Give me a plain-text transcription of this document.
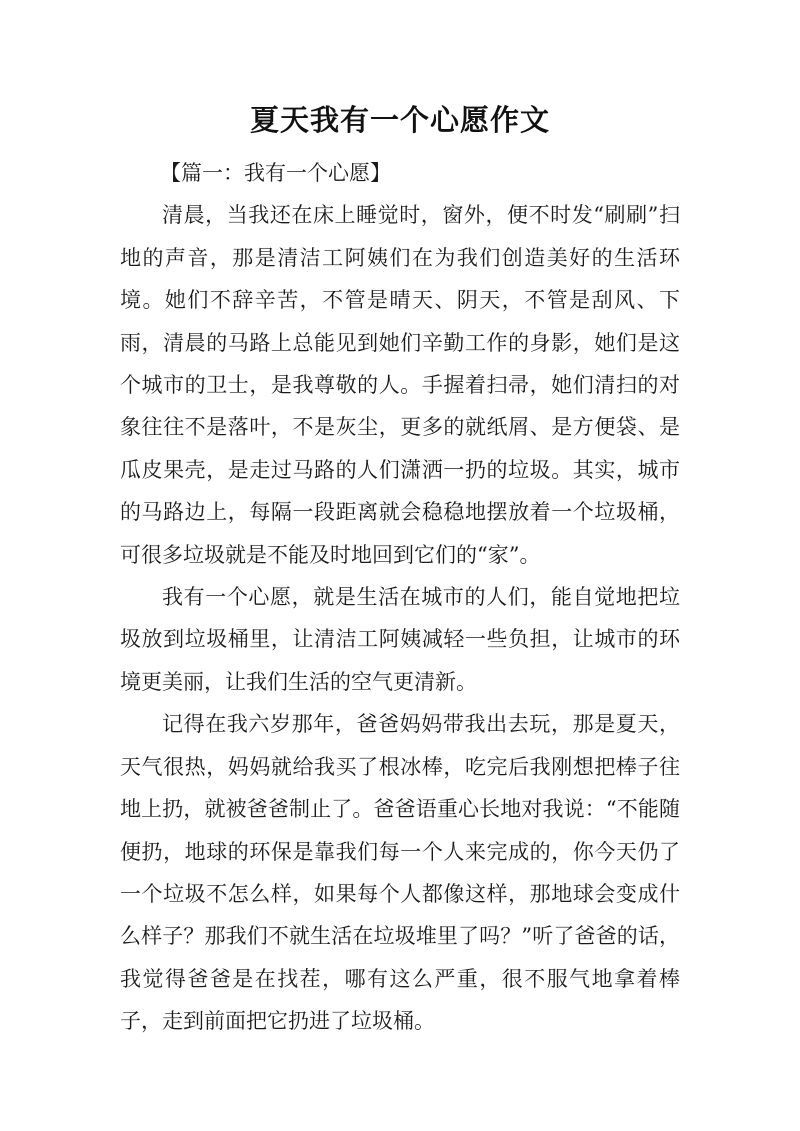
夏天我有一个心愿作文

【篇一：我有一个心愿】

清晨，当我还在床上睡觉时，窗外，便不时发“刷刷”扫地的声音，那是清洁工阿姨们在为我们创造美好的生活环境。她们不辞辛苦，不管是晴天、阴天，不管是刮风、下雨，清晨的马路上总能见到她们辛勤工作的身影，她们是这个城市的卫士，是我尊敬的人。手握着扫帚，她们清扫的对象往往不是落叶，不是灰尘，更多的就纸屑、是方便袋、是瓜皮果壳，是走过马路的人们潇洒一扔的垃圾。其实，城市的马路边上，每隔一段距离就会稳稳地摆放着一个垃圾桶，可很多垃圾就是不能及时地回到它们的“家”。

我有一个心愿，就是生活在城市的人们，能自觉地把垃圾放到垃圾桶里，让清洁工阿姨减轻一些负担，让城市的环境更美丽，让我们生活的空气更清新。

记得在我六岁那年，爸爸妈妈带我出去玩，那是夏天，天气很热，妈妈就给我买了根冰棒，吃完后我刚想把棒子往地上扔，就被爸爸制止了。爸爸语重心长地对我说：“不能随便扔，地球的环保是靠我们每一个人来完成的，你今天仍了一个垃圾不怎么样，如果每个人都像这样，那地球会变成什么样子？那我们不就生活在垃圾堆里了吗？”听了爸爸的话，我觉得爸爸是在找茬，哪有这么严重，很不服气地拿着棒子，走到前面把它扔进了垃圾桶。
